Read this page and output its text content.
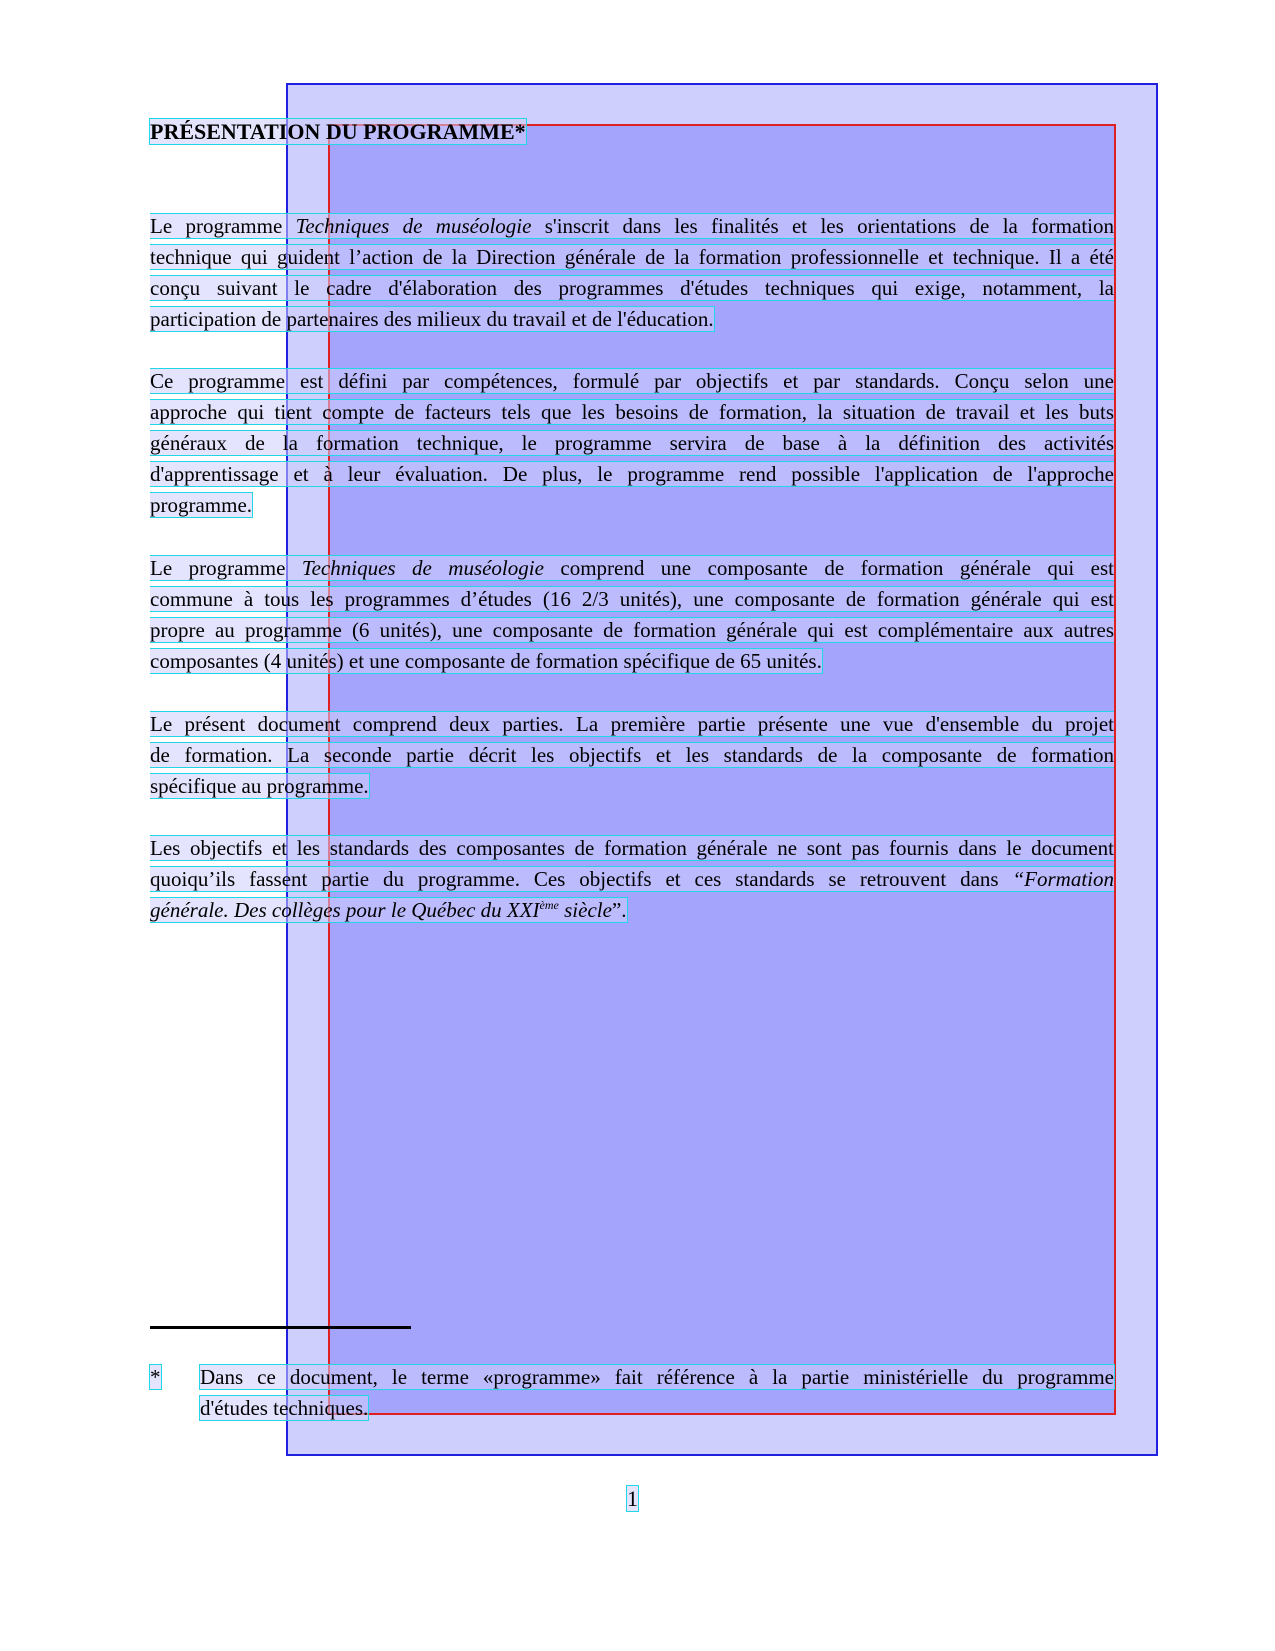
PRÉSENTATION DU PROGRAMME*
Le programme Techniques de muséologie s'inscrit dans les finalités et les orientations de la formation
technique qui guident l’action de la Direction générale de la formation professionnelle et technique. Il a été
conçu suivant le cadre d'élaboration des programmes d'études techniques qui exige, notamment, la
participation de partenaires des milieux du travail et de l'éducation.
Ce programme est défini par compétences, formulé par objectifs et par standards. Conçu selon une
approche qui tient compte de facteurs tels que les besoins de formation, la situation de travail et les buts
généraux de la formation technique, le programme servira de base à la définition des activités
d'apprentissage et à leur évaluation. De plus, le programme rend possible l'application de l'approche
programme.
Le programme Techniques de muséologie comprend une composante de formation générale qui est
commune à tous les programmes d’études (16 2/3 unités), une composante de formation générale qui est
propre au programme (6 unités), une composante de formation générale qui est complémentaire aux autres
composantes (4 unités) et une composante de formation spécifique de 65 unités.
Le présent document comprend deux parties. La première partie présente une vue d'ensemble du projet
de formation. La seconde partie décrit les objectifs et les standards de la composante de formation
spécifique au programme.
Les objectifs et les standards des composantes de formation générale ne sont pas fournis dans le document
quoiqu’ils fassent partie du programme. Ces objectifs et ces standards se retrouvent dans “Formation
générale. Des collèges pour le Québec du XXIème siècle”.
*	Dans ce document, le terme «programme» fait référence à la partie ministérielle du programme
d'études techniques.
1
